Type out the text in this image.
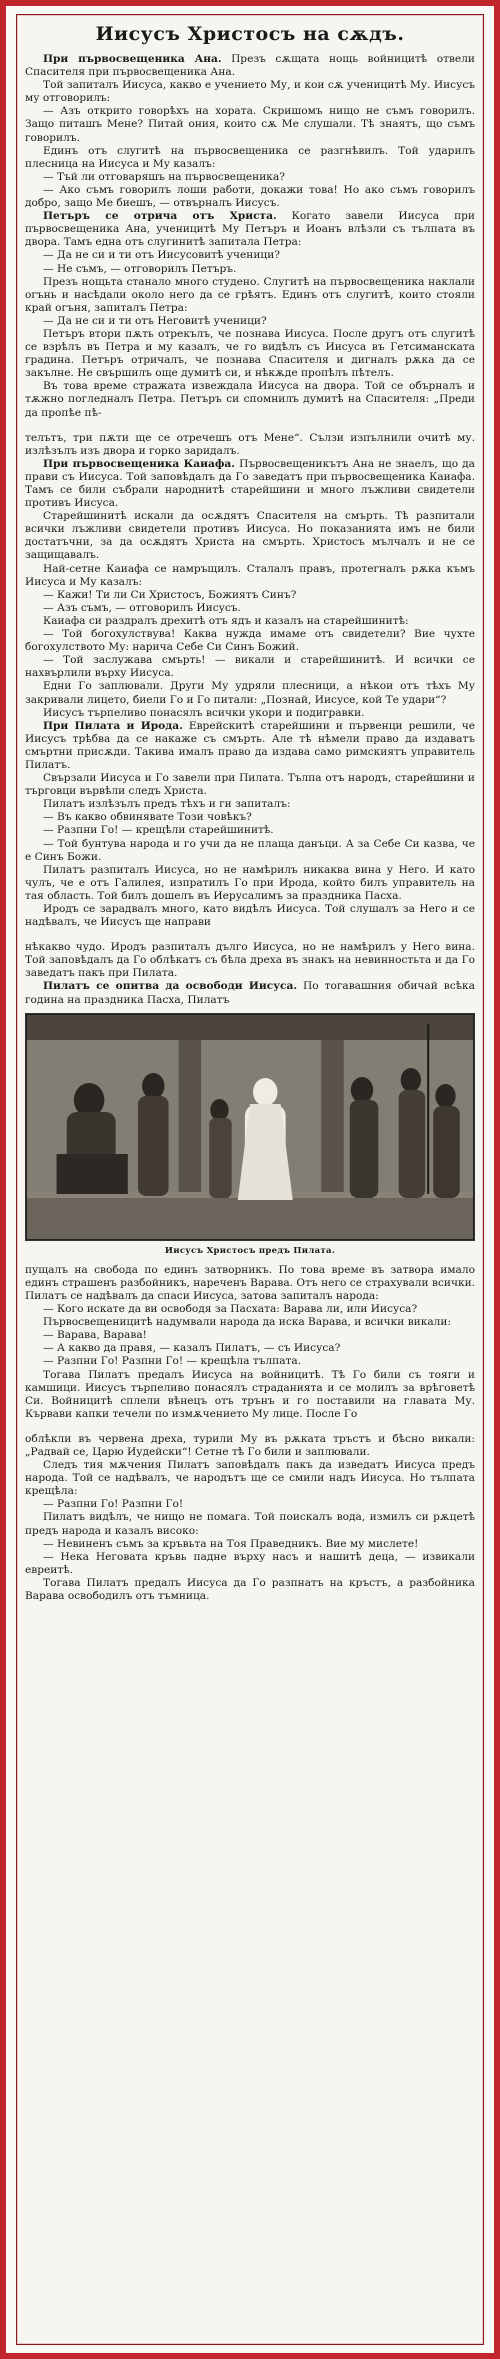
Иисусъ Христосъ на сѫдъ.

При първосвещеника Ана. Презъ сѫщата нощь войницитѣ отвели Спасителя при първосвещеника Ана.

Той запиталъ Иисуса, какво е учението Му, и кои сѫ ученицитѣ Му. Иисусъ му отговорилъ:

— Азъ открито говорѣхъ на хората. Скришомъ нищо не съмъ говорилъ. Защо питашъ Мене? Питай ония, които сѫ Ме слушали. Тѣ знаятъ, що съмъ говорилъ.

Единъ отъ слугитѣ на първосвещеника се разгнѣвилъ. Той ударилъ плесница на Иисуса и Му казалъ:

— Тъй ли отговаряшъ на първосвещеника?

— Ако съмъ говорилъ лоши работи, докажи това! Но ако съмъ говорилъ добро, защо Ме биешъ, — отвърналъ Иисусъ.

Петъръ се отрича отъ Христа. Когато завели Иисуса при първосвещеника Ана, ученицитѣ Му Петъръ и Иоанъ влѣзли съ тълпата въ двора. Тамъ една отъ слугинитѣ запитала Петра:

— Да не си и ти отъ Иисусовитѣ ученици?

— Не съмъ, — отговорилъ Петъръ.

Презъ нощьта станало много студено. Слугитѣ на първосвещеника наклали огънь и насѣдали около него да се грѣятъ. Единъ отъ слугитѣ, които стояли край огъня, запиталъ Петра:

— Да не си и ти отъ Неговитѣ ученици?

Петъръ втори пѫть отрекълъ, че познава Иисуса. После другъ отъ слугитѣ се взрѣлъ въ Петра и му казалъ, че го видѣлъ съ Иисуса въ Гетсиманската градина. Петъръ отричалъ, че познава Спасителя и дигналъ рѫка да се закълне. Не свършилъ още думитѣ си, и нѣкѫде пропѣлъ пѣтелъ.

Въ това време стражата извеждала Иисуса на двора. Той се обърналъ и тѫжно погледналъ Петра. Петъръ си спомнилъ думитѣ на Спасителя: „Преди да пропѣе пѣ-

телътъ, три пѫти ще се отречешъ отъ Мене“. Сълзи изпълнили очитѣ му. излѣзълъ изъ двора и горко заридалъ.

При първосвещеника Каиафа. Първосвещеникътъ Ана не знаелъ, що да прави съ Иисуса. Той заповѣдалъ да Го заведатъ при първосвещеника Каиафа. Тамъ се били събрали народнитѣ старейшини и много лъжливи свидетели противъ Иисуса.

Старейшинитѣ искали да осѫдятъ Спасителя на смърть. Тѣ разпитали всички лъжливи свидетели противъ Иисуса. Но показанията имъ не били достатъчни, за да осѫдятъ Христа на смърть. Христосъ мълчалъ и не се защищавалъ.

Най-сетне Каиафа се намръщилъ. Сталалъ правъ, протегналъ рѫка къмъ Иисуса и Му казалъ:

— Кажи! Ти ли Си Христосъ, Божиятъ Синъ?

— Азъ съмъ, — отговорилъ Иисусъ.

Каиафа си раздралъ дрехитѣ отъ ядъ и казалъ на старейшинитѣ:

— Той богохулствува! Каква нужда имаме отъ свидетели? Вие чухте богохулството Му: нарича Себе Си Синъ Божий.

— Той заслужава смърть! — викали и старейшинитѣ. И всички се нахвърлили върху Иисуса.

Едни Го заплювали. Други Му удряли плесници, а нѣкои отъ тѣхъ Му закривали лицето, биели Го и Го питали: „Познай, Иисусе, кой Те удари“?

Иисусъ търпеливо понасялъ всички укори и подигравки.

При Пилата и Ирода. Еврейскитѣ старейшини и първенци решили, че Иисусъ трѣбва да се накаже съ смърть. Але тѣ нѣмели право да издаватъ смъртни присѫди. Такива ималъ право да издава само римскиятъ управитель Пилатъ.

Свързали Иисуса и Го завели при Пилата. Тълпа отъ народъ, старейшини и търговци вървѣли следъ Христа.

Пилатъ излѣзълъ предъ тѣхъ и ги запиталъ:

— Въ какво обвинявате Този човѣкъ?

— Разпни Го! — крещѣли старейшинитѣ.

— Той бунтува народа и го учи да не плаща данъци. А за Себе Си казва, че е Синъ Божи.

Пилатъ разпиталъ Иисуса, но не намѣрилъ никаква вина у Него. И като чулъ, че е отъ Галилея, изпратилъ Го при Ирода, който билъ управитель на тая область. Той билъ дошелъ въ Иерусалимъ за праздника Пасха.

Иродъ се зарадвалъ много, като видѣлъ Иисуса. Той слушалъ за Него и се надѣвалъ, че Иисусъ ще направи

нѣкакво чудо. Иродъ разпиталъ дълго Иисуса, но не намѣрилъ у Него вина. Той заповѣдалъ да Го облѣкатъ съ бѣла дреха въ знакъ на невинностьта и да Го заведатъ пакъ при Пилата.

Пилатъ се опитва да освободи Иисуса. По тогавашния обичай всѣка година на праздника Пасха, Пилатъ

Иисусъ Христосъ предъ Пилата.

пущалъ на свобода по единъ затворникъ. По това време въ затвора имало единъ страшенъ разбойникъ, нареченъ Варава. Отъ него се страхували всички. Пилатъ се надѣвалъ да спаси Иисуса, затова запиталъ народа:

— Кого искате да ви освободя за Пасхата: Варава ли, или Иисуса?

Първосвещеницитѣ надумвали народа да иска Варава, и всички викали:

— Варава, Варава!

— А какво да правя, — казалъ Пилатъ, — съ Иисуса?

— Разпни Го! Разпни Го! — крещѣла тълпата.

Тогава Пилатъ предалъ Иисуса на войницитѣ. Тѣ Го били съ тояги и камшици. Иисусъ търпеливо понасялъ страданията и се молилъ за врѣговетѣ Си. Войницитѣ сплели вѣнецъ отъ трънъ и го поставили на главата Му. Кървави капки течели по измѫчението Му лице. После Го

облѣкли въ червена дреха, турили Му въ рѫката тръстъ и бѣсно викали: „Радвай се, Царю Иудейски“! Сетне тѣ Го били и заплювали.

Следъ тия мѫчения Пилатъ заповѣдалъ пакъ да изведатъ Иисуса предъ народа. Той се надѣвалъ, че народътъ ще се смили надъ Иисуса. Но тълпата крещѣла:

— Разпни Го! Разпни Го!

Пилатъ видѣлъ, че нищо не помага. Той поискалъ вода, измилъ си рѫцетѣ предъ народа и казалъ високо:

— Невиненъ съмъ за кръвьта на Тоя Праведникъ. Вие му мислете!

— Нека Неговата кръвь падне върху насъ и нашитѣ деца, — извикали евреитѣ.

Тогава Пилатъ предалъ Иисуса да Го разпнатъ на кръстъ, а разбойника Варава освободилъ отъ тъмница.
